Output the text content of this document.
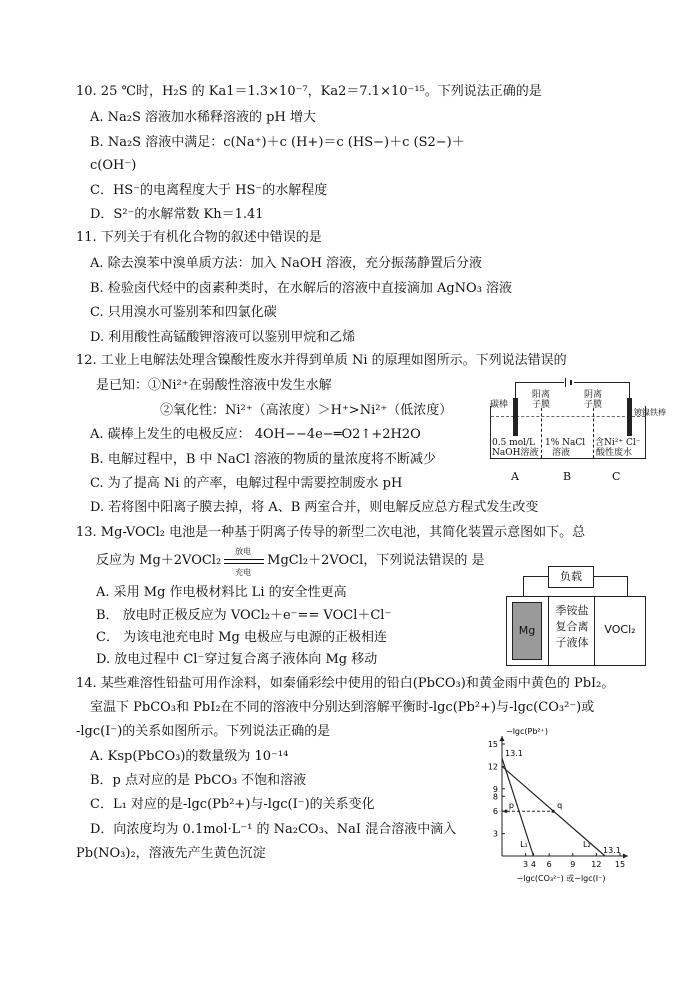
10. 25 ℃时，H₂S 的 Ka1＝1.3×10⁻⁷，Ka2＝7.1×10⁻¹⁵。下列说法正确的是
A. Na₂S 溶液加水稀释溶液的 pH 增大
B. Na₂S 溶液中满足：c(Na⁺)＋c (H+)＝c (HS−)＋c (S2−)＋
c(OH⁻)
C．HS⁻的电离程度大于 HS⁻的水解程度
D．S²⁻的水解常数 Kh＝1.41
11. 下列关于有机化合物的叙述中错误的是
A. 除去溴苯中溴单质方法：加入 NaOH 溶液，充分振荡静置后分液
B. 检验卤代烃中的卤素种类时，在水解后的溶液中直接滴加 AgNO₃ 溶液
C. 只用溴水可鉴别苯和四氯化碳
D. 利用酸性高锰酸钾溶液可以鉴别甲烷和乙烯
12. 工业上电解法处理含镍酸性废水并得到单质 Ni 的原理如图所示。下列说法错误的
是已知：①Ni²⁺在弱酸性溶液中发生水解
②氧化性：Ni²⁺（高浓度）＞H⁺>Ni²⁺（低浓度）
A. 碳棒上发生的电极反应： 4OH−−4e−═O2↑+2H2O
B. 电解过程中，B 中 NaCl 溶液的物质的量浓度将不断减少
C. 为了提高 Ni 的产率，电解过程中需要控制废水 pH
D. 若将图中阳离子膜去掉，将 A、B 两室合并，则电解反应总方程式发生改变
碳棒
阳离
子膜
阴离
子膜
镀镍铁棒
0.5 mol/L
NaOH溶液
1% NaCl
溶液
含Ni²⁺ Cl⁻
酸性废水
A	B	C
13. Mg-VOCl₂ 电池是一种基于阴离子传导的新型二次电池，其简化装置示意图如下。总
反应为 Mg＋2VOCl₂
放电
充电
MgCl₂＋2VOCl，下列说法错误的 是
A. 采用 Mg 作电极材料比 Li 的安全性更高
B． 放电时正极反应为 VOCl₂＋e⁻== VOCl＋Cl⁻
C． 为该电池充电时 Mg 电极应与电源的正极相连
D. 放电过程中 Cl⁻穿过复合离子液体向 Mg 移动
负载
Mg
季铵盐
复合离
子液体
VOCl₂
14. 某些难溶性铅盐可用作涂料，如秦俑彩绘中使用的铅白(PbCO₃)和黄金雨中黄色的 PbI₂。
室温下 PbCO₃和 PbI₂在不同的溶液中分别达到溶解平衡时-lgc(Pb²+)与-lgc(CO₃²⁻)或
-lgc(I⁻)的关系如图所示。下列说法正确的是
A. Ksp(PbCO₃)的数量级为 10⁻¹⁴
B．p 点对应的是 PbCO₃ 不饱和溶液
C．L₁ 对应的是-lgc(Pb²+)与-lgc(I⁻)的关系变化
D．向浓度均为 0.1mol·L⁻¹ 的 Na₂CO₃、NaI 混合溶液中滴入
Pb(NO₃)₂，溶液先产生黄色沉淀
−lgc(Pb²⁺)
−lgc(CO₃²⁻) 或−lgc(I⁻)
3 4 6 9 12 15
15
12
9
8
6
3
L₁	L₂
13.1
13.1
p	q
